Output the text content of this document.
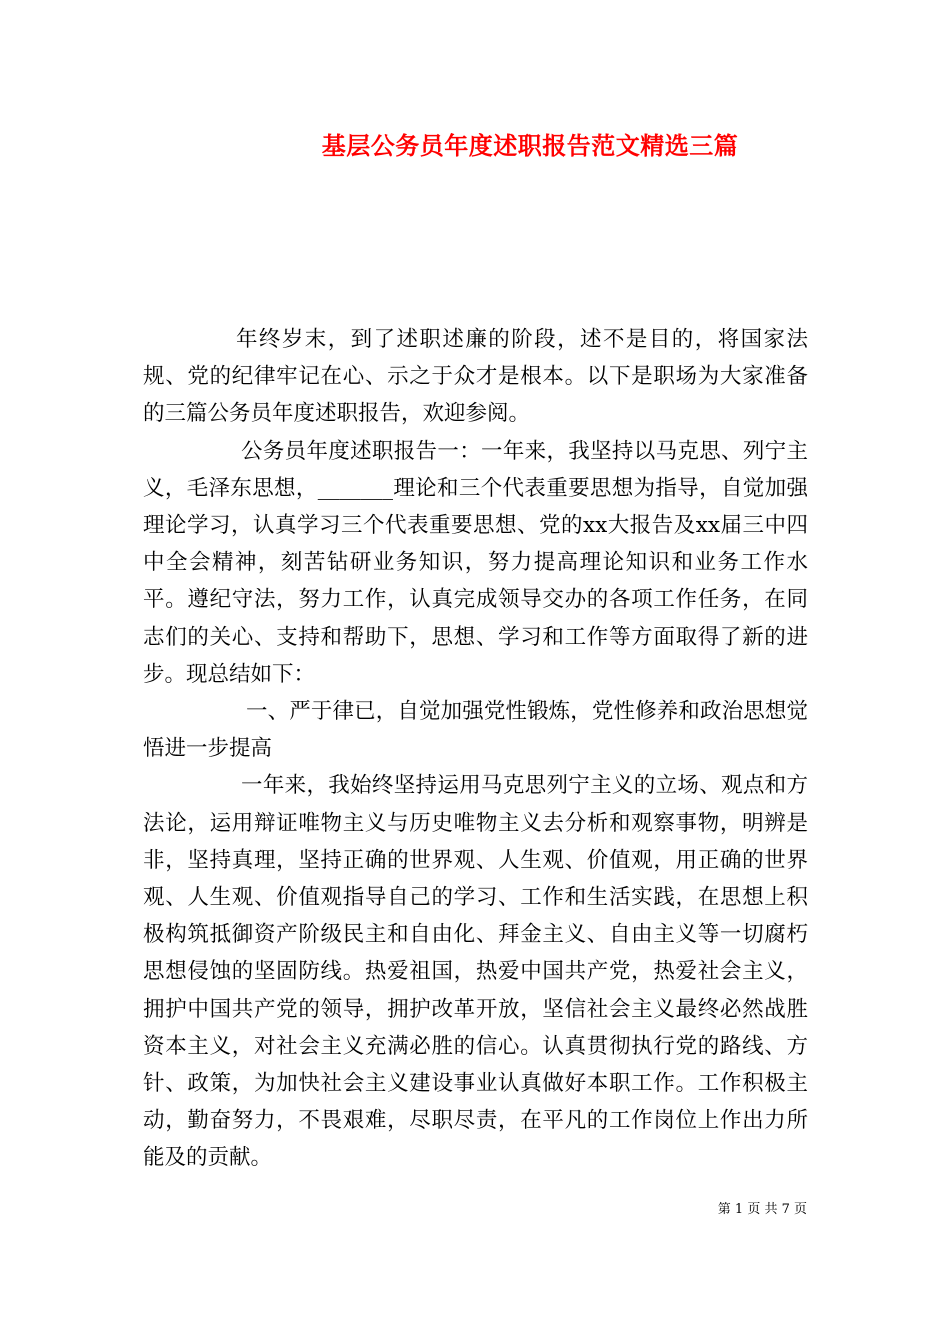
基层公务员年度述职报告范文精选三篇

年终岁末，到了述职述廉的阶段，述不是目的，将国家法规、党的纪律牢记在心、示之于众才是根本。以下是职场为大家准备的三篇公务员年度述职报告，欢迎参阅。

公务员年度述职报告一：一年来，我坚持以马克思、列宁主义，毛泽东思想，_______理论和三个代表重要思想为指导，自觉加强理论学习，认真学习三个代表重要思想、党的xx大报告及xx届三中四中全会精神，刻苦钻研业务知识，努力提高理论知识和业务工作水平。遵纪守法，努力工作，认真完成领导交办的各项工作任务，在同志们的关心、支持和帮助下，思想、学习和工作等方面取得了新的进步。现总结如下：

一、严于律已，自觉加强党性锻炼，党性修养和政治思想觉悟进一步提高

一年来，我始终坚持运用马克思列宁主义的立场、观点和方法论，运用辩证唯物主义与历史唯物主义去分析和观察事物，明辨是非，坚持真理，坚持正确的世界观、人生观、价值观，用正确的世界观、人生观、价值观指导自己的学习、工作和生活实践，在思想上积极构筑抵御资产阶级民主和自由化、拜金主义、自由主义等一切腐朽思想侵蚀的坚固防线。热爱祖国，热爱中国共产党，热爱社会主义，拥护中国共产党的领导，拥护改革开放，坚信社会主义最终必然战胜资本主义，对社会主义充满必胜的信心。认真贯彻执行党的路线、方针、政策，为加快社会主义建设事业认真做好本职工作。工作积极主动，勤奋努力，不畏艰难，尽职尽责，在平凡的工作岗位上作出力所能及的贡献。

第 1 页 共 7 页
